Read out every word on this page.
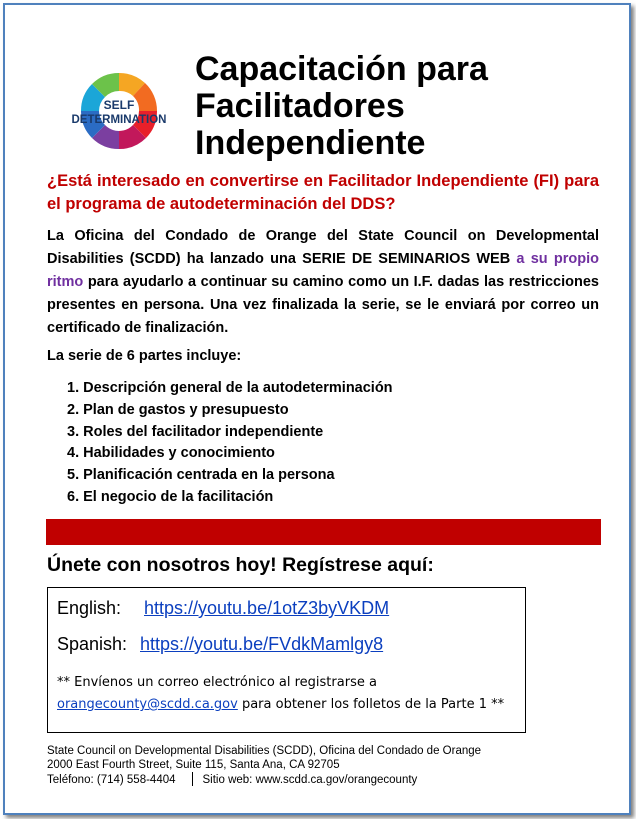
SELF
DETERMINATION
Capacitación para
Facilitadores
Independiente

¿Está interesado en convertirse en Facilitador Independiente (FI) para el programa de autodeterminación del DDS?

La Oficina del Condado de Orange del State Council on Developmental Disabilities (SCDD) ha lanzado una SERIE DE SEMINARIOS WEB a su propio ritmo para ayudarlo a continuar su camino como un I.F. dadas las restricciones presentes en persona. Una vez finalizada la serie, se le enviará por correo un certificado de finalización.

La serie de 6 partes incluye:

1. Descripción general de la autodeterminación
2. Plan de gastos y presupuesto
3. Roles del facilitador independiente
4. Habilidades y conocimiento
5. Planificación centrada en la persona
6. El negocio de la facilitación

Únete con nosotros hoy! Regístrese aquí:

English: https://youtu.be/1otZ3byVKDM
Spanish: https://youtu.be/FVdkMamlgy8
** Envíenos un correo electrónico al registrarse a
orangecounty@scdd.ca.gov para obtener los folletos de la Parte 1 **
State Council on Developmental Disabilities (SCDD), Oficina del Condado de Orange
2000 East Fourth Street, Suite 115, Santa Ana, CA 92705
Teléfono: (714) 558-4404 Sitio web: www.scdd.ca.gov/orangecounty
